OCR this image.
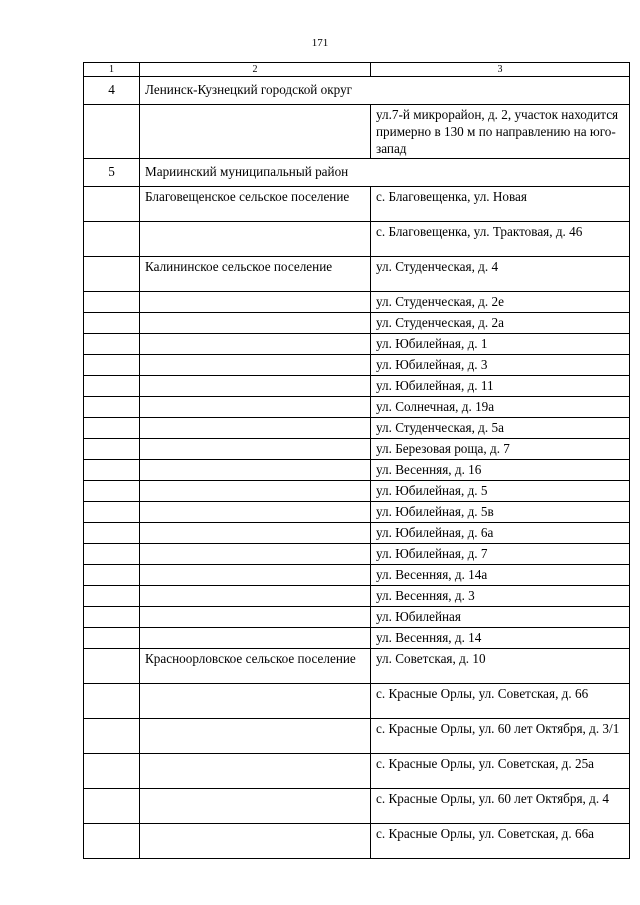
171
1	2	3
4	Ленинск-Кузнецкий городской округ	
		ул.7-й микрорайон, д. 2, участок находится примерно в 130 м по направлению на юго-запад
5	Мариинский муниципальный район	
	Благовещенское сельское поселение	с. Благовещенка, ул. Новая
		с. Благовещенка, ул. Трактовая, д. 46
	Калининское сельское поселение	ул. Студенческая, д. 4
		ул. Студенческая, д. 2е
		ул. Студенческая, д. 2а
		ул. Юбилейная, д. 1
		ул. Юбилейная, д. 3
		ул. Юбилейная, д. 11
		ул. Солнечная, д. 19а
		ул. Студенческая, д. 5а
		ул. Березовая роща, д. 7
		ул. Весенняя, д. 16
		ул. Юбилейная, д. 5
		ул. Юбилейная, д. 5в
		ул. Юбилейная, д. 6а
		ул. Юбилейная, д. 7
		ул. Весенняя, д. 14а
		ул. Весенняя, д. 3
		ул. Юбилейная
		ул. Весенняя, д. 14
	Красноорловское сельское поселение	ул. Советская, д. 10
		с. Красные Орлы, ул. Советская, д. 66
		с. Красные Орлы, ул. 60 лет Октября, д. 3/1
		с. Красные Орлы, ул. Советская, д. 25а
		с. Красные Орлы, ул. 60 лет Октября, д. 4
		с. Красные Орлы, ул. Советская, д. 66а
